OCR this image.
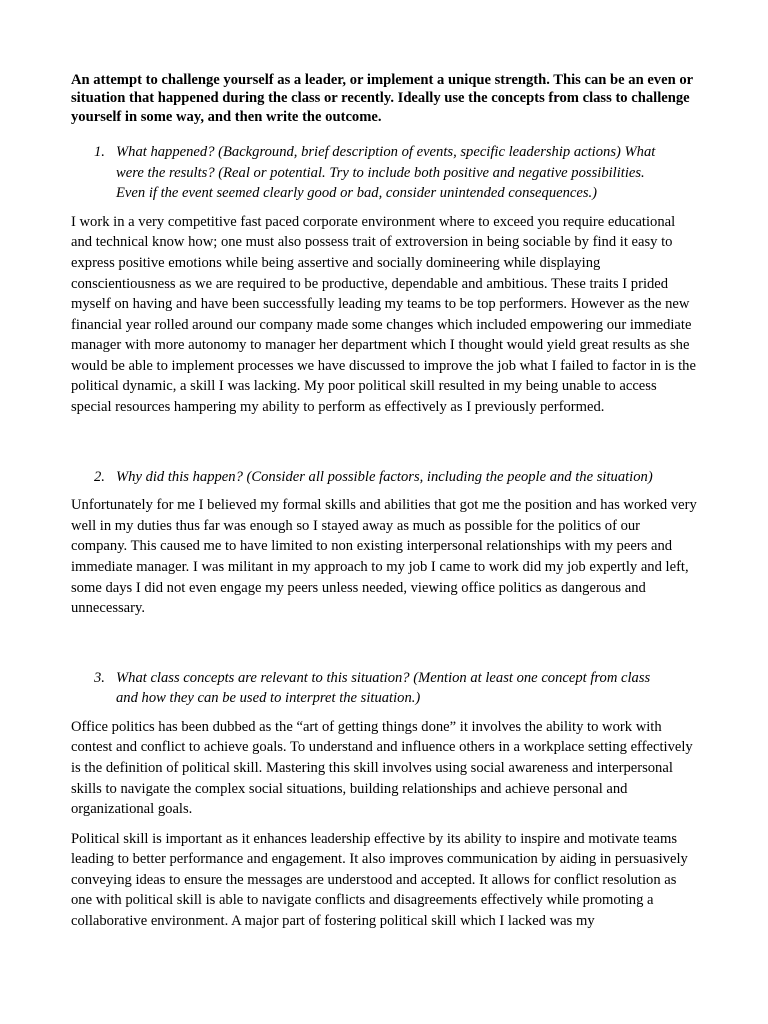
An attempt to challenge yourself as a leader, or implement a unique strength. This can be an even or situation that happened during the class or recently. Ideally use the concepts from class to challenge yourself in some way, and then write the outcome.

1. What happened? (Background, brief description of events, specific leadership actions) What were the results? (Real or potential. Try to include both positive and negative possibilities. Even if the event seemed clearly good or bad, consider unintended consequences.)

I work in a very competitive fast paced corporate environment where to exceed you require educational and technical know how; one must also possess trait of extroversion in being sociable by find it easy to express positive emotions while being assertive and socially domineering while displaying conscientiousness as we are required to be productive, dependable and ambitious. These traits I prided myself on having and have been successfully leading my teams to be top performers. However as the new financial year rolled around our company made some changes which included empowering our immediate manager with more autonomy to manager her department which I thought would yield great results as she would be able to implement processes we have discussed to improve the job what I failed to factor in is the political dynamic, a skill I was lacking. My poor political skill resulted in my being unable to access special resources hampering my ability to perform as effectively as I previously performed.

2. Why did this happen? (Consider all possible factors, including the people and the situation)

Unfortunately for me I believed my formal skills and abilities that got me the position and has worked very well in my duties thus far was enough so I stayed away as much as possible for the politics of our company. This caused me to have limited to non existing interpersonal relationships with my peers and immediate manager. I was militant in my approach to my job I came to work did my job expertly and left, some days I did not even engage my peers unless needed, viewing office politics as dangerous and unnecessary.

3. What class concepts are relevant to this situation? (Mention at least one concept from class and how they can be used to interpret the situation.)

Office politics has been dubbed as the “art of getting things done” it involves the ability to work with contest and conflict to achieve goals. To understand and influence others in a workplace setting effectively is the definition of political skill. Mastering this skill involves using social awareness and interpersonal skills to navigate the complex social situations, building relationships and achieve personal and organizational goals.

Political skill is important as it enhances leadership effective by its ability to inspire and motivate teams leading to better performance and engagement. It also improves communication by aiding in persuasively conveying ideas to ensure the messages are understood and accepted. It allows for conflict resolution as one with political skill is able to navigate conflicts and disagreements effectively while promoting a collaborative environment. A major part of fostering political skill which I lacked was my
